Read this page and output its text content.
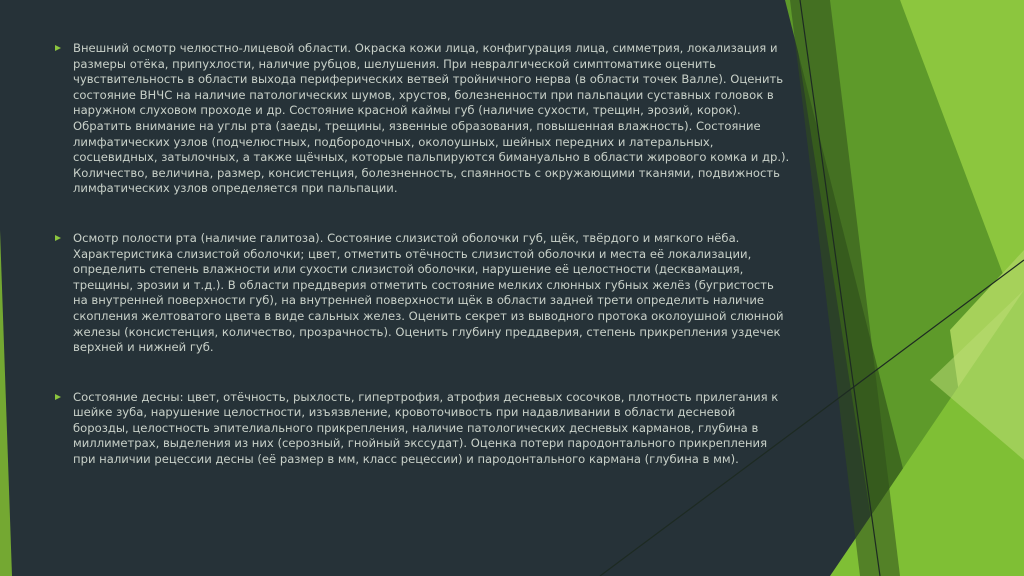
Внешний осмотр челюстно-лицевой области. Окраска кожи лица, конфигурация лица, симметрия, локализация и размеры отёка, припухлости, наличие рубцов, шелушения. При невралгической симптоматике оценить чувствительность в области выхода периферических ветвей тройничного нерва (в области точек Валле). Оценить состояние ВНЧС на наличие патологических шумов, хрустов, болезненности при пальпации суставных головок в наружном слуховом проходе и др. Состояние красной каймы губ (наличие сухости, трещин, эрозий, корок). Обратить внимание на углы рта (заеды, трещины, язвенные образования, повышенная влажность). Состояние лимфатических узлов (подчелюстных, подбородочных, околоушных, шейных передних и латеральных, сосцевидных, затылочных, а также щёчных, которые пальпируются бимануально в области жирового комка и др.). Количество, величина, размер, консистенция, болезненность, спаянность с окружающими тканями, подвижность лимфатических узлов определяется при пальпации.
Осмотр полости рта (наличие галитоза). Состояние слизистой оболочки губ, щёк, твёрдого и мягкого нёба. Характеристика слизистой оболочки; цвет, отметить отёчность слизистой оболочки и места её локализации, определить степень влажности или сухости слизистой оболочки, нарушение её целостности (десквамация, трещины, эрозии и т.д.). В области преддверия отметить состояние мелких слюнных губных желёз (бугристость на внутренней поверхности губ), на внутренней поверхности щёк в области задней трети определить наличие скопления желтоватого цвета в виде сальных желез. Оценить секрет из выводного протока околоушной слюнной железы (консистенция, количество, прозрачность). Оценить глубину преддверия, степень прикрепления уздечек верхней и нижней губ.
Состояние десны: цвет, отёчность, рыхлость, гипертрофия, атрофия десневых сосочков, плотность прилегания к шейке зуба, нарушение целостности, изъязвление, кровоточивость при надавливании в области десневой борозды, целостность эпителиального прикрепления, наличие патологических десневых карманов, глубина в миллиметрах, выделения из них (серозный, гнойный экссудат). Оценка потери пародонтального прикрепления при наличии рецессии десны (её размер в мм, класс рецессии) и пародонтального кармана (глубина в мм).
